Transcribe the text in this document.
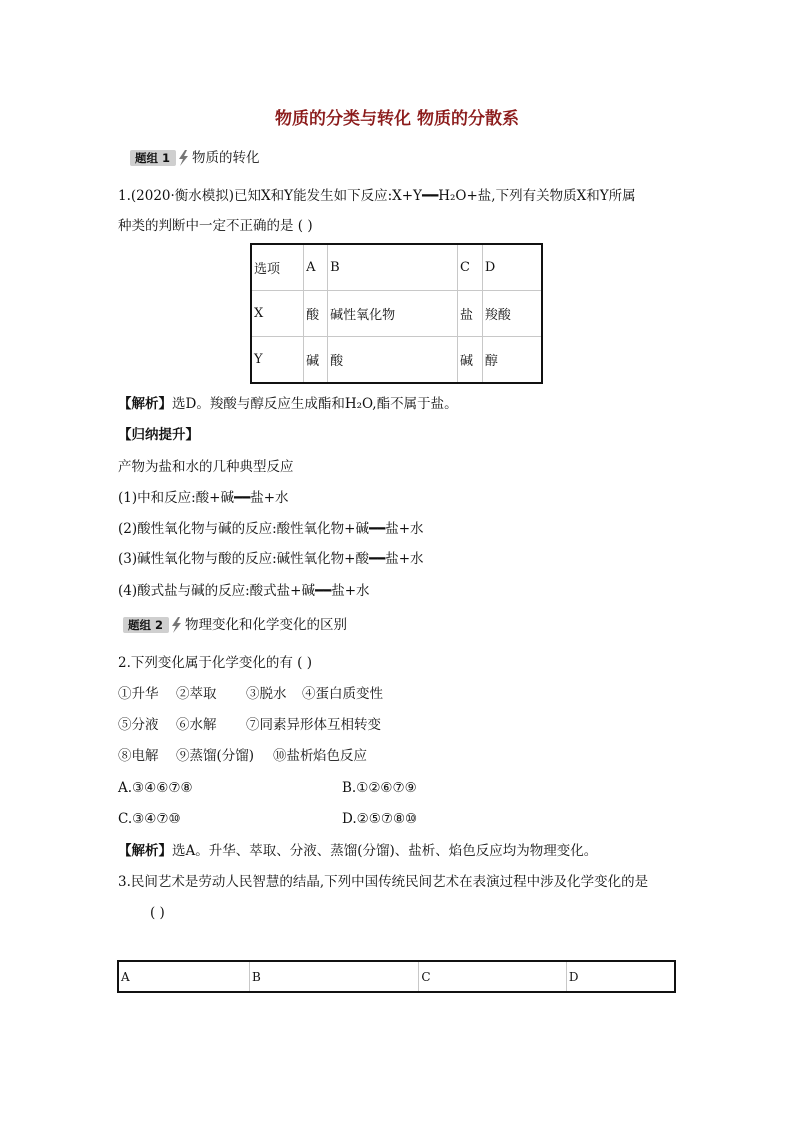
物质的分类与转化 物质的分散系
题组 1	物质的转化
1.(2020·衡水模拟)已知X和Y能发生如下反应:X+Y━━H₂O+盐,下列有关物质X和Y所属
种类的判断中一定不正确的是 ( )
选项	A	B	C	D
X	酸	碱性氧化物	盐	羧酸
Y	碱	酸	碱	醇
【解析】选D。羧酸与醇反应生成酯和H₂O,酯不属于盐。
【归纳提升】
产物为盐和水的几种典型反应
(1)中和反应:酸+碱━━盐+水
(2)酸性氧化物与碱的反应:酸性氧化物+碱━━盐+水
(3)碱性氧化物与酸的反应:碱性氧化物+酸━━盐+水
(4)酸式盐与碱的反应:酸式盐+碱━━盐+水
题组 2	物理变化和化学变化的区别
2.下列变化属于化学变化的有 ( )
①升华 ②萃取 ③脱水 ④蛋白质变性
⑤分液 ⑥水解 ⑦同素异形体互相转变
⑧电解 ⑨蒸馏(分馏) ⑩盐析焰色反应
A.③④⑥⑦⑧	B.①②⑥⑦⑨
C.③④⑦⑩	D.②⑤⑦⑧⑩
【解析】选A。升华、萃取、分液、蒸馏(分馏)、盐析、焰色反应均为物理变化。
3.民间艺术是劳动人民智慧的结晶,下列中国传统民间艺术在表演过程中涉及化学变化的是
( )
A	B	C	D
